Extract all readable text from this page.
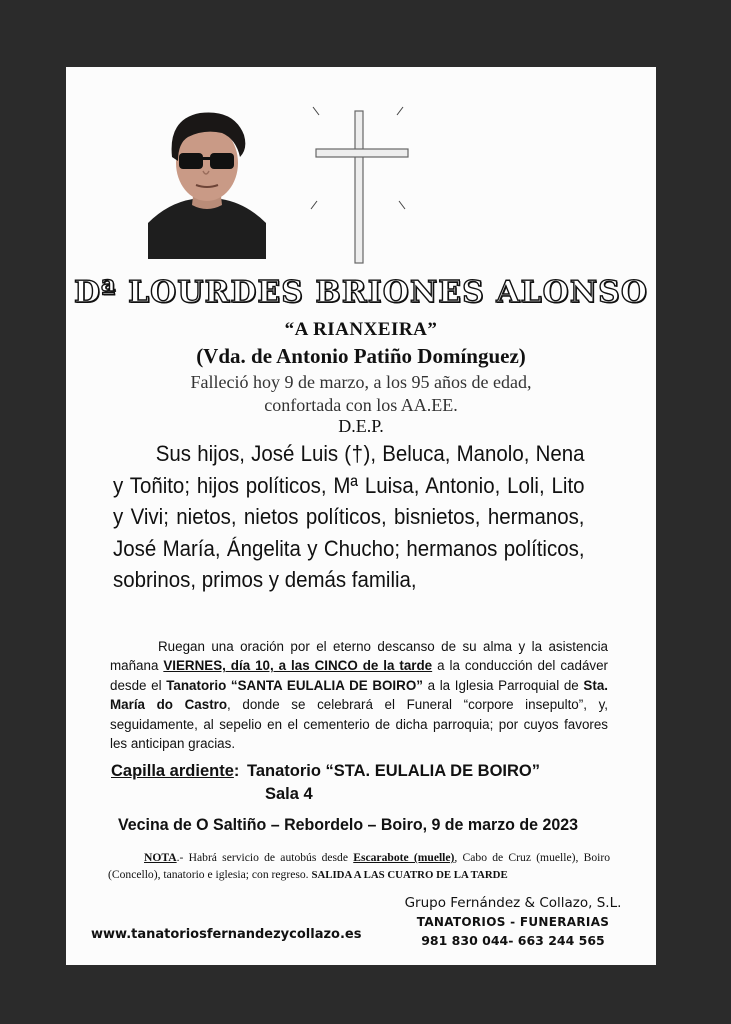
Dª LOURDES BRIONES ALONSO
“A RIANXEIRA”
(Vda. de Antonio Patiño Domínguez)
Falleció hoy 9 de marzo, a los 95 años de edad,
confortada con los AA.EE.
D.E.P.
Sus hijos, José Luis (†), Beluca, Manolo, Nena y Toñito; hijos políticos, Mª Luisa, Antonio, Loli, Lito y Vivi; nietos, nietos políticos, bisnietos, hermanos, José María, Ángelita y Chucho; hermanos políticos, sobrinos, primos y demás familia,
Ruegan una oración por el eterno descanso de su alma y la asistencia mañana VIERNES, día 10, a las CINCO de la tarde a la conducción del cadáver desde el Tanatorio “SANTA EULALIA DE BOIRO” a la Iglesia Parroquial de Sta. María do Castro, donde se celebrará el Funeral “corpore insepulto”, y, seguidamente, al sepelio en el cementerio de dicha parroquia; por cuyos favores les anticipan gracias.
Capilla ardiente: Tanatorio “STA. EULALIA DE BOIRO”
Sala 4
Vecina de O Saltiño – Rebordelo – Boiro, 9 de marzo de 2023
NOTA.- Habrá servicio de autobús desde Escarabote (muelle), Cabo de Cruz (muelle), Boiro (Concello), tanatorio e iglesia; con regreso. SALIDA A LAS CUATRO DE LA TARDE
Grupo Fernández & Collazo, S.L.
TANATORIOS - FUNERARIAS
981 830 044- 663 244 565
www.tanatoriosfernandezycollazo.es
